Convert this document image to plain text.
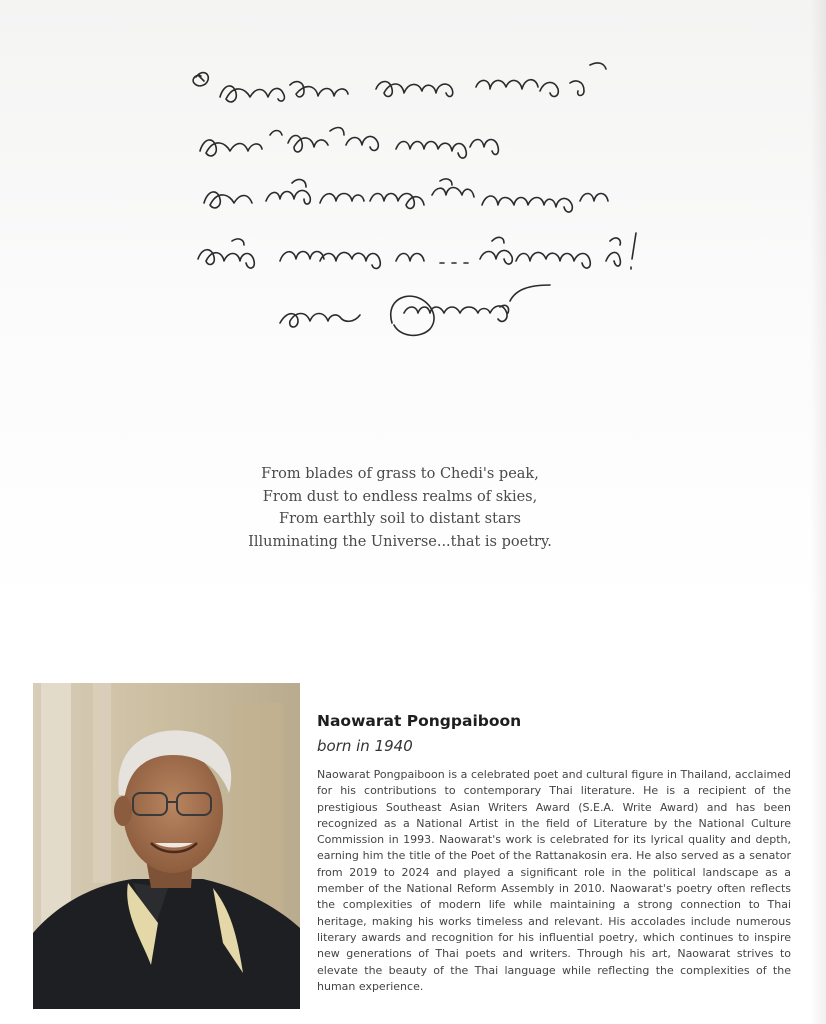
From blades of grass to Chedi's peak,
From dust to endless realms of skies,
From earthly soil to distant stars
Illuminating the Universe...that is poetry.
Naowarat Pongpaiboon

born in 1940

Naowarat Pongpaiboon is a celebrated poet and cultural figure in Thailand, acclaimed for his contributions to contemporary Thai literature. He is a recipient of the prestigious Southeast Asian Writers Award (S.E.A. Write Award) and has been recognized as a National Artist in the field of Literature by the National Culture Commission in 1993. Naowarat's work is celebrated for its lyrical quality and depth, earning him the title of the Poet of the Rattanakosin era. He also served as a senator from 2019 to 2024 and played a significant role in the political landscape as a member of the National Reform Assembly in 2010. Naowarat's poetry often reflects the complexities of modern life while maintaining a strong connection to Thai heritage, making his works timeless and relevant. His accolades include numerous literary awards and recognition for his influential poetry, which continues to inspire new generations of Thai poets and writers. Through his art, Naowarat strives to elevate the beauty of the Thai language while reflecting the complexities of the human experience.
